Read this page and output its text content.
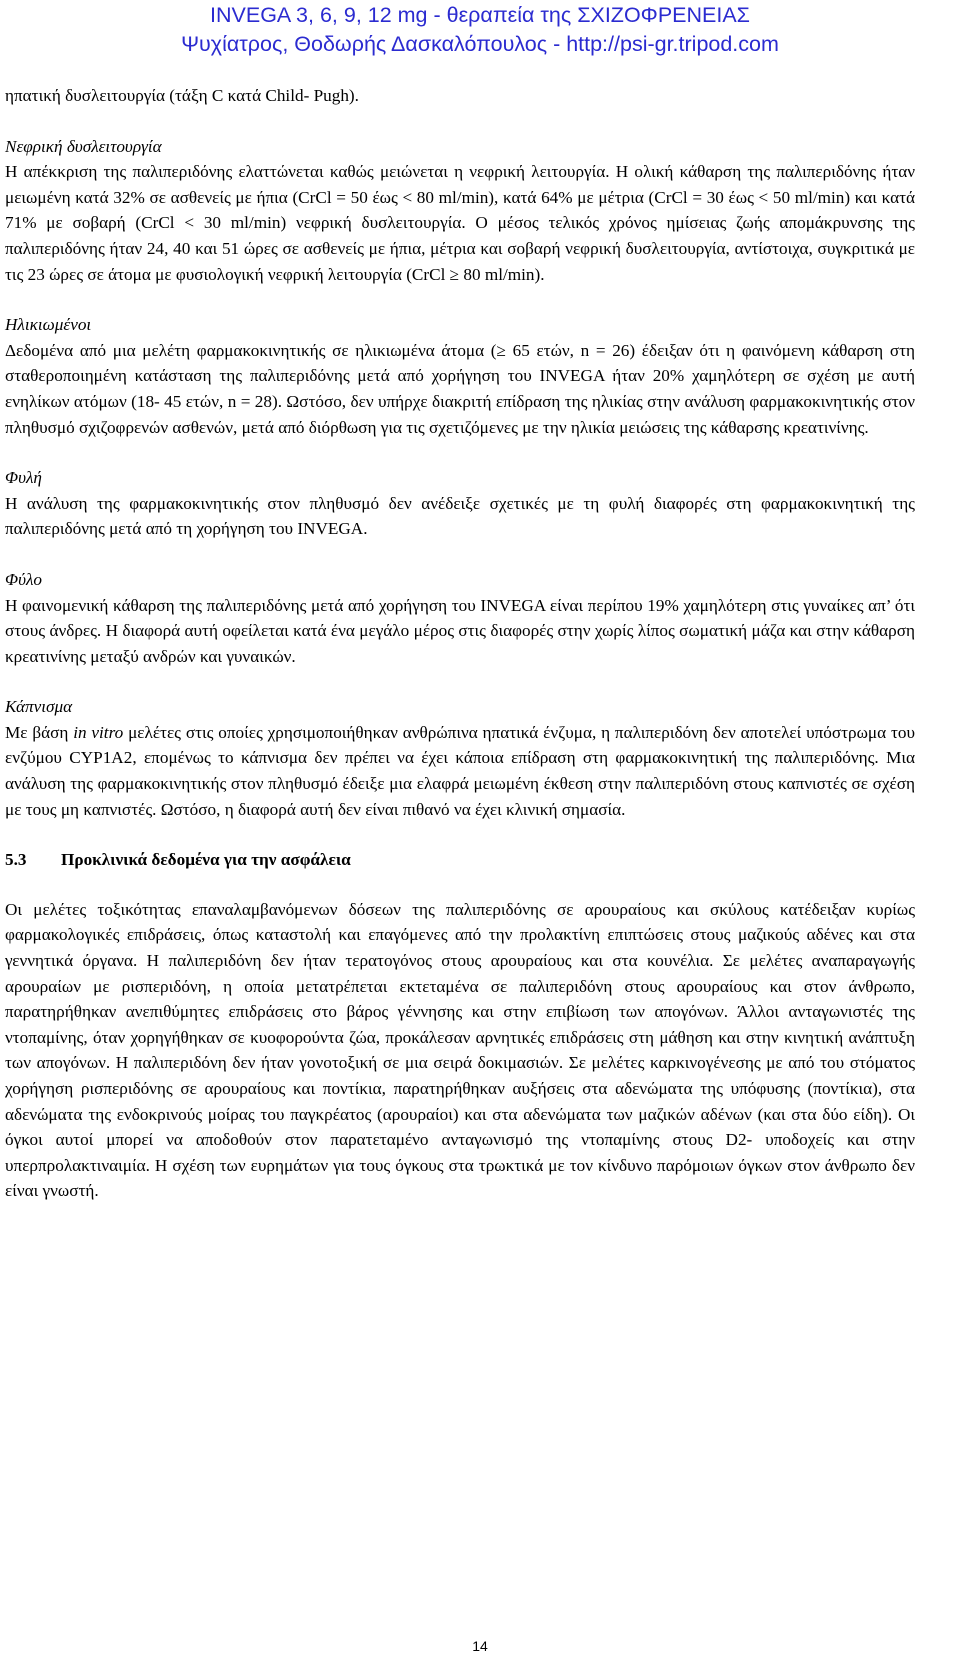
INVEGA 3, 6, 9, 12 mg - θεραπεία της ΣΧΙΖΟΦΡΕΝΕΙΑΣ
Ψυχίατρος, Θοδωρής Δασκαλόπουλος - http://psi-gr.tripod.com

ηπατική δυσλειτουργία (τάξη C κατά Child- Pugh).

Νεφρική δυσλειτουργία

Η απέκκριση της παλιπεριδόνης ελαττώνεται καθώς μειώνεται η νεφρική λειτουργία. Η ολική κάθαρση της παλιπεριδόνης ήταν μειωμένη κατά 32% σε ασθενείς με ήπια (CrCl = 50 έως < 80 ml/min), κατά 64% με μέτρια (CrCl = 30 έως < 50 ml/min) και κατά 71% με σοβαρή (CrCl < 30 ml/min) νεφρική δυσλειτουργία. Ο μέσος τελικός χρόνος ημίσειας ζωής απομάκρυνσης της παλιπεριδόνης ήταν 24, 40 και 51 ώρες σε ασθενείς με ήπια, μέτρια και σοβαρή νεφρική δυσλειτουργία, αντίστοιχα, συγκριτικά με τις 23 ώρες σε άτομα με φυσιολογική νεφρική λειτουργία (CrCl ≥ 80 ml/min).

Ηλικιωμένοι

Δεδομένα από μια μελέτη φαρμακοκινητικής σε ηλικιωμένα άτομα (≥ 65 ετών, n = 26) έδειξαν ότι η φαινόμενη κάθαρση στη σταθεροποιημένη κατάσταση της παλιπεριδόνης μετά από χορήγηση του INVEGA ήταν 20% χαμηλότερη σε σχέση με αυτή ενηλίκων ατόμων (18- 45 ετών, n = 28). Ωστόσο, δεν υπήρχε διακριτή επίδραση της ηλικίας στην ανάλυση φαρμακοκινητικής στον πληθυσμό σχιζοφρενών ασθενών, μετά από διόρθωση για τις σχετιζόμενες με την ηλικία μειώσεις της κάθαρσης κρεατινίνης.

Φυλή

Η ανάλυση της φαρμακοκινητικής στον πληθυσμό δεν ανέδειξε σχετικές με τη φυλή διαφορές στη φαρμακοκινητική της παλιπεριδόνης μετά από τη χορήγηση του INVEGA.

Φύλο

Η φαινομενική κάθαρση της παλιπεριδόνης μετά από χορήγηση του INVEGA είναι περίπου 19% χαμηλότερη στις γυναίκες απ’ ότι στους άνδρες. Η διαφορά αυτή οφείλεται κατά ένα μεγάλο μέρος στις διαφορές στην χωρίς λίπος σωματική μάζα και στην κάθαρση κρεατινίνης μεταξύ ανδρών και γυναικών.

Κάπνισμα

Με βάση in vitro μελέτες στις οποίες χρησιμοποιήθηκαν ανθρώπινα ηπατικά ένζυμα, η παλιπεριδόνη δεν αποτελεί υπόστρωμα του ενζύμου CYP1A2, επομένως το κάπνισμα δεν πρέπει να έχει κάποια επίδραση στη φαρμακοκινητική της παλιπεριδόνης. Μια ανάλυση της φαρμακοκινητικής στον πληθυσμό έδειξε μια ελαφρά μειωμένη έκθεση στην παλιπεριδόνη στους καπνιστές σε σχέση με τους μη καπνιστές. Ωστόσο, η διαφορά αυτή δεν είναι πιθανό να έχει κλινική σημασία.

5.3	Προκλινικά δεδομένα για την ασφάλεια

Οι μελέτες τοξικότητας επαναλαμβανόμενων δόσεων της παλιπεριδόνης σε αρουραίους και σκύλους κατέδειξαν κυρίως φαρμακολογικές επιδράσεις, όπως καταστολή και επαγόμενες από την προλακτίνη επιπτώσεις στους μαζικούς αδένες και στα γεννητικά όργανα. Η παλιπεριδόνη δεν ήταν τερατογόνος στους αρουραίους και στα κουνέλια. Σε μελέτες αναπαραγωγής αρουραίων με ρισπεριδόνη, η οποία μετατρέπεται εκτεταμένα σε παλιπεριδόνη στους αρουραίους και στον άνθρωπο, παρατηρήθηκαν ανεπιθύμητες επιδράσεις στο βάρος γέννησης και στην επιβίωση των απογόνων. Άλλοι ανταγωνιστές της ντοπαμίνης, όταν χορηγήθηκαν σε κυοφορούντα ζώα, προκάλεσαν αρνητικές επιδράσεις στη μάθηση και στην κινητική ανάπτυξη των απογόνων. Η παλιπεριδόνη δεν ήταν γονοτοξική σε μια σειρά δοκιμασιών. Σε μελέτες καρκινογένεσης με από του στόματος χορήγηση ρισπεριδόνης σε αρουραίους και ποντίκια, παρατηρήθηκαν αυξήσεις στα αδενώματα της υπόφυσης (ποντίκια), στα αδενώματα της ενδοκρινούς μοίρας του παγκρέατος (αρουραίοι) και στα αδενώματα των μαζικών αδένων (και στα δύο είδη). Οι όγκοι αυτοί μπορεί να αποδοθούν στον παρατεταμένο ανταγωνισμό της ντοπαμίνης στους D2- υποδοχείς και στην υπερπρολακτιναιμία. Η σχέση των ευρημάτων για τους όγκους στα τρωκτικά με τον κίνδυνο παρόμοιων όγκων στον άνθρωπο δεν είναι γνωστή.

14
